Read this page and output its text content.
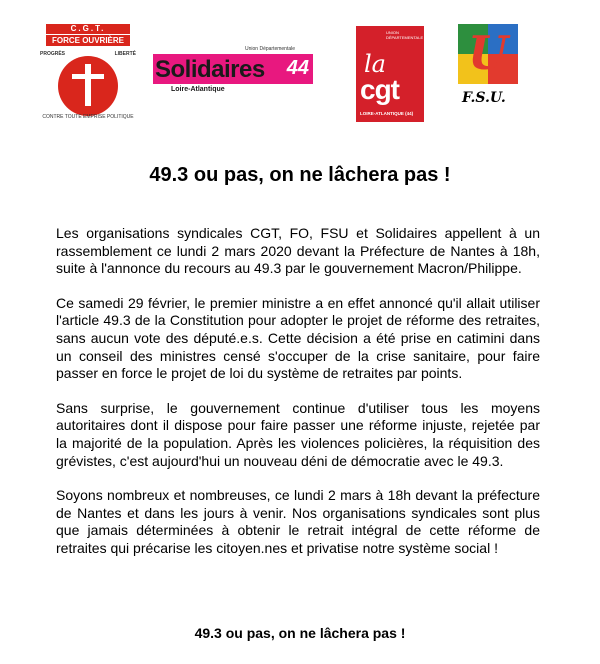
C.G.T.
FORCE OUVRIÈRE
PROGRÈS	LIBERTÉ
CONTRE TOUTE EMPRISE POLITIQUE
Union Départementale
Solidaires 44
Loire-Atlantique
UNION DÉPARTEMENTALE
la
cgt
LOIRE-ATLANTIQUE (44)
U
F.S.U.
49.3 ou pas, on ne lâchera pas !

Les organisations syndicales CGT, FO, FSU et Solidaires appellent à un rassemblement ce lundi 2 mars 2020 devant la Préfecture de Nantes à 18h, suite à l'annonce du recours au 49.3 par le gouvernement Macron/Philippe.

Ce samedi 29 février, le premier ministre a en effet annoncé qu'il allait utiliser l'article 49.3 de la Constitution pour adopter le projet de réforme des retraites, sans aucun vote des député.e.s. Cette décision a été prise en catimini dans un conseil des ministres censé s'occuper de la crise sanitaire, pour faire passer en force le projet de loi du système de retraites par points.

Sans surprise, le gouvernement continue d'utiliser tous les moyens autoritaires dont il dispose pour faire passer une réforme injuste, rejetée par la majorité de la population. Après les violences policières, la réquisition des grévistes, c'est aujourd'hui un nouveau déni de démocratie avec le 49.3.

Soyons nombreux et nombreuses, ce lundi 2 mars à 18h devant la préfecture de Nantes et dans les jours à venir. Nos organisations syndicales sont plus que jamais déterminées à obtenir le retrait intégral de cette réforme de retraites qui précarise les citoyen.nes et privatise notre système social !

49.3 ou pas, on ne lâchera pas !
